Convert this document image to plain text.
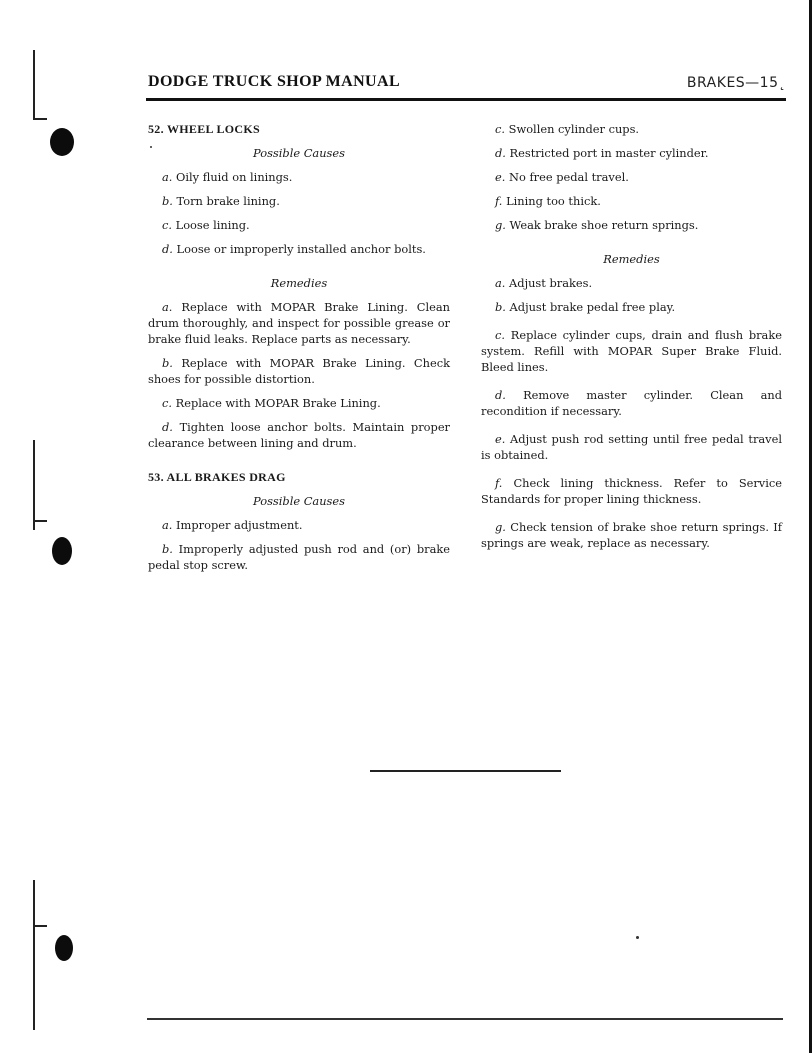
DODGE TRUCK SHOP MANUAL	BRAKES—15˛
52. WHEEL LOCKS
Possible Causes
a. Oily fluid on linings.
b. Torn brake lining.
c. Loose lining.
d. Loose or improperly installed anchor bolts.
Remedies

a. Replace with MOPAR Brake Lining. Clean drum thoroughly, and inspect for possible grease or brake fluid leaks. Replace parts as necessary.

b. Replace with MOPAR Brake Lining. Check shoes for possible distortion.

c. Replace with MOPAR Brake Lining.

d. Tighten loose anchor bolts. Maintain proper clearance between lining and drum.

53. ALL BRAKES DRAG
Possible Causes
a. Improper adjustment.

b. Improperly adjusted push rod and (or) brake pedal stop screw.

c. Swollen cylinder cups.
d. Restricted port in master cylinder.
e. No free pedal travel.
f. Lining too thick.
g. Weak brake shoe return springs.
Remedies
a. Adjust brakes.
b. Adjust brake pedal free play.

c. Replace cylinder cups, drain and flush brake system. Refill with MOPAR Super Brake Fluid. Bleed lines.

d. Remove master cylinder. Clean and recondition if necessary.

e. Adjust push rod setting until free pedal travel is obtained.

f. Check lining thickness. Refer to Service Standards for proper lining thickness.

g. Check tension of brake shoe return springs. If springs are weak, replace as necessary.
